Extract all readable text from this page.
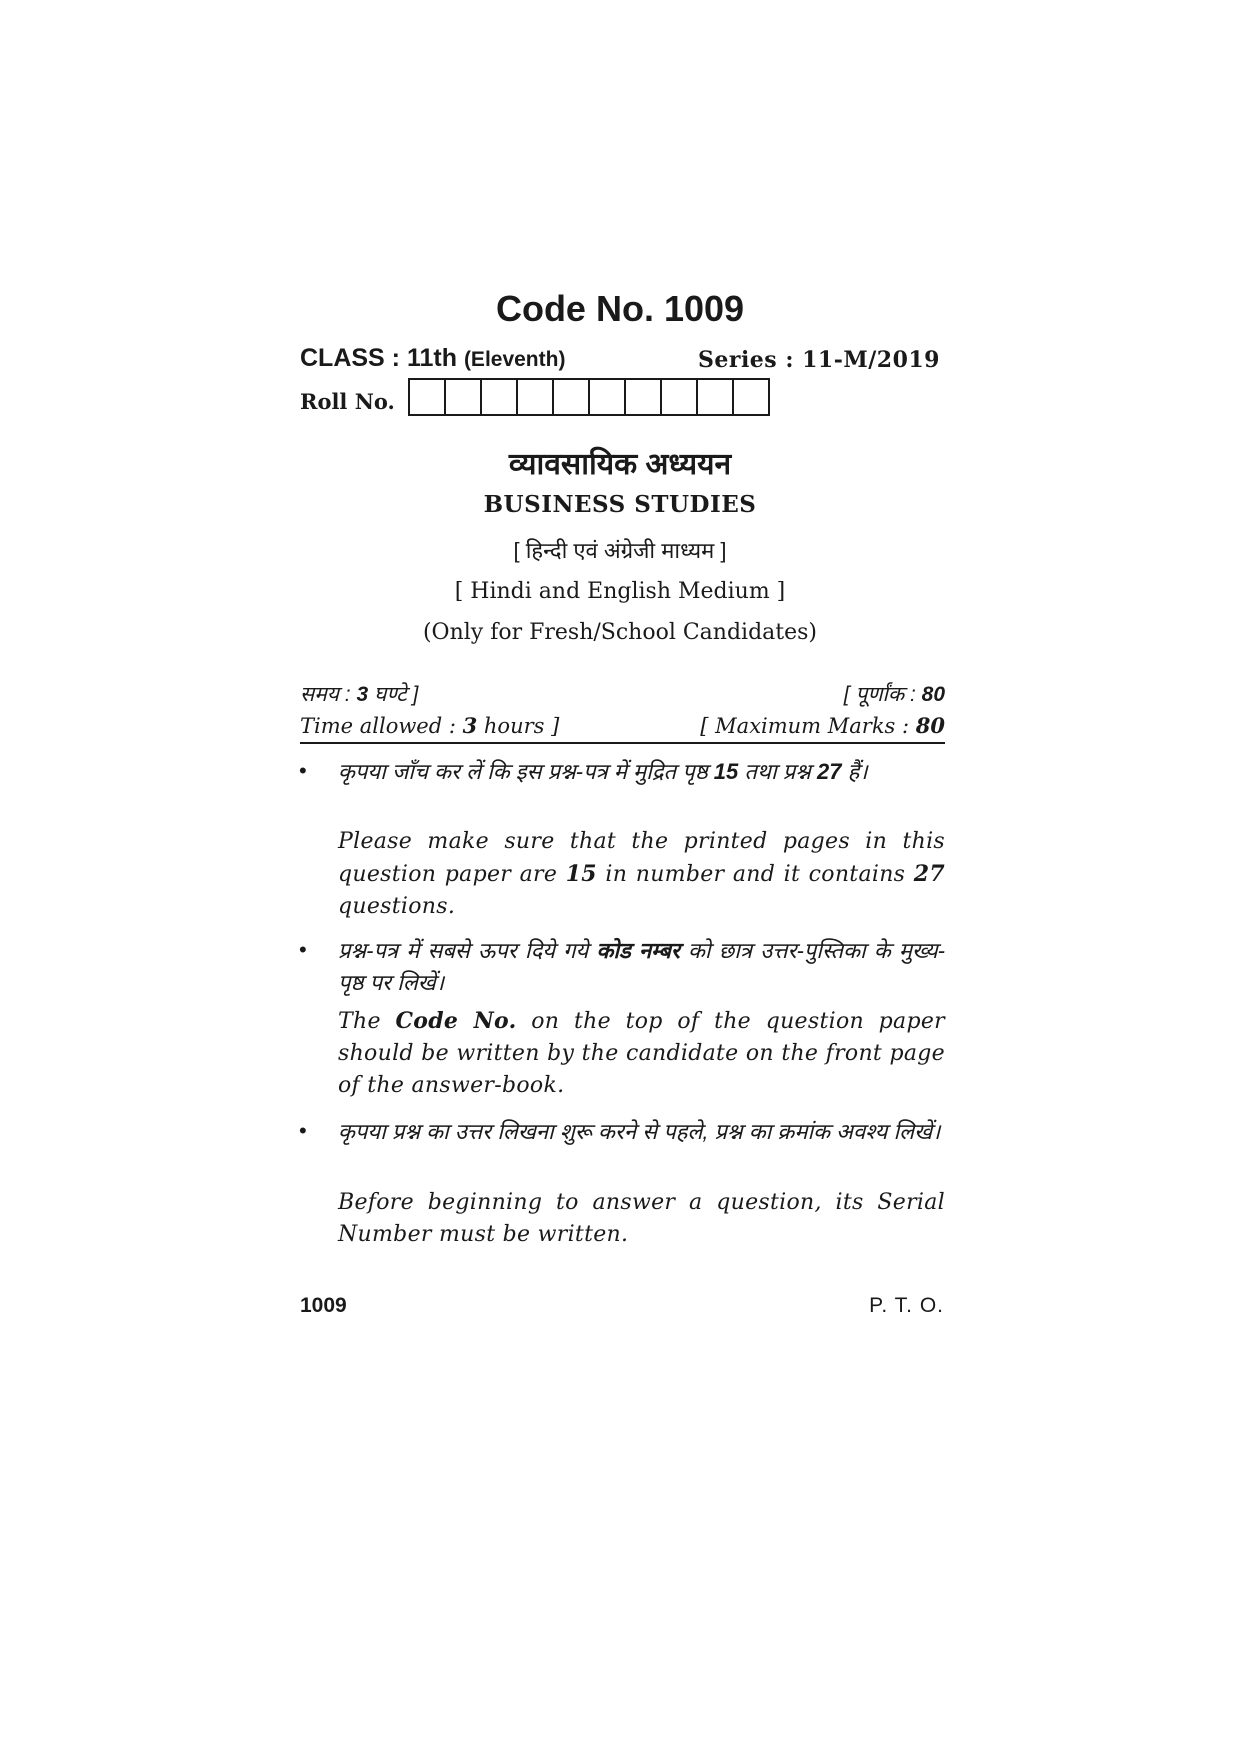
Code No. 1009
CLASS : 11th (Eleventh)	Series : 11-M/2019
Roll No.
व्यावसायिक अध्ययन
BUSINESS STUDIES
[ हिन्दी एवं अंग्रेजी माध्यम ]
[ Hindi and English Medium ]
(Only for Fresh/School Candidates)
समय : 3 घण्टे ]	[ पूर्णांक : 80
Time allowed : 3 hours ]	[ Maximum Marks : 80
• कृपया जाँच कर लें कि इस प्रश्न-पत्र में मुद्रित पृष्ठ 15 तथा प्रश्न 27 हैं।
Please make sure that the printed pages in this question paper are 15 in number and it contains 27 questions.
• प्रश्न-पत्र में सबसे ऊपर दिये गये कोड नम्बर को छात्र उत्तर-पुस्तिका के मुख्य-पृष्ठ पर लिखें।
The Code No. on the top of the question paper should be written by the candidate on the front page of the answer-book.
• कृपया प्रश्न का उत्तर लिखना शुरू करने से पहले, प्रश्न का क्रमांक अवश्य लिखें।
Before beginning to answer a question, its Serial Number must be written.
1009	P. T. O.
